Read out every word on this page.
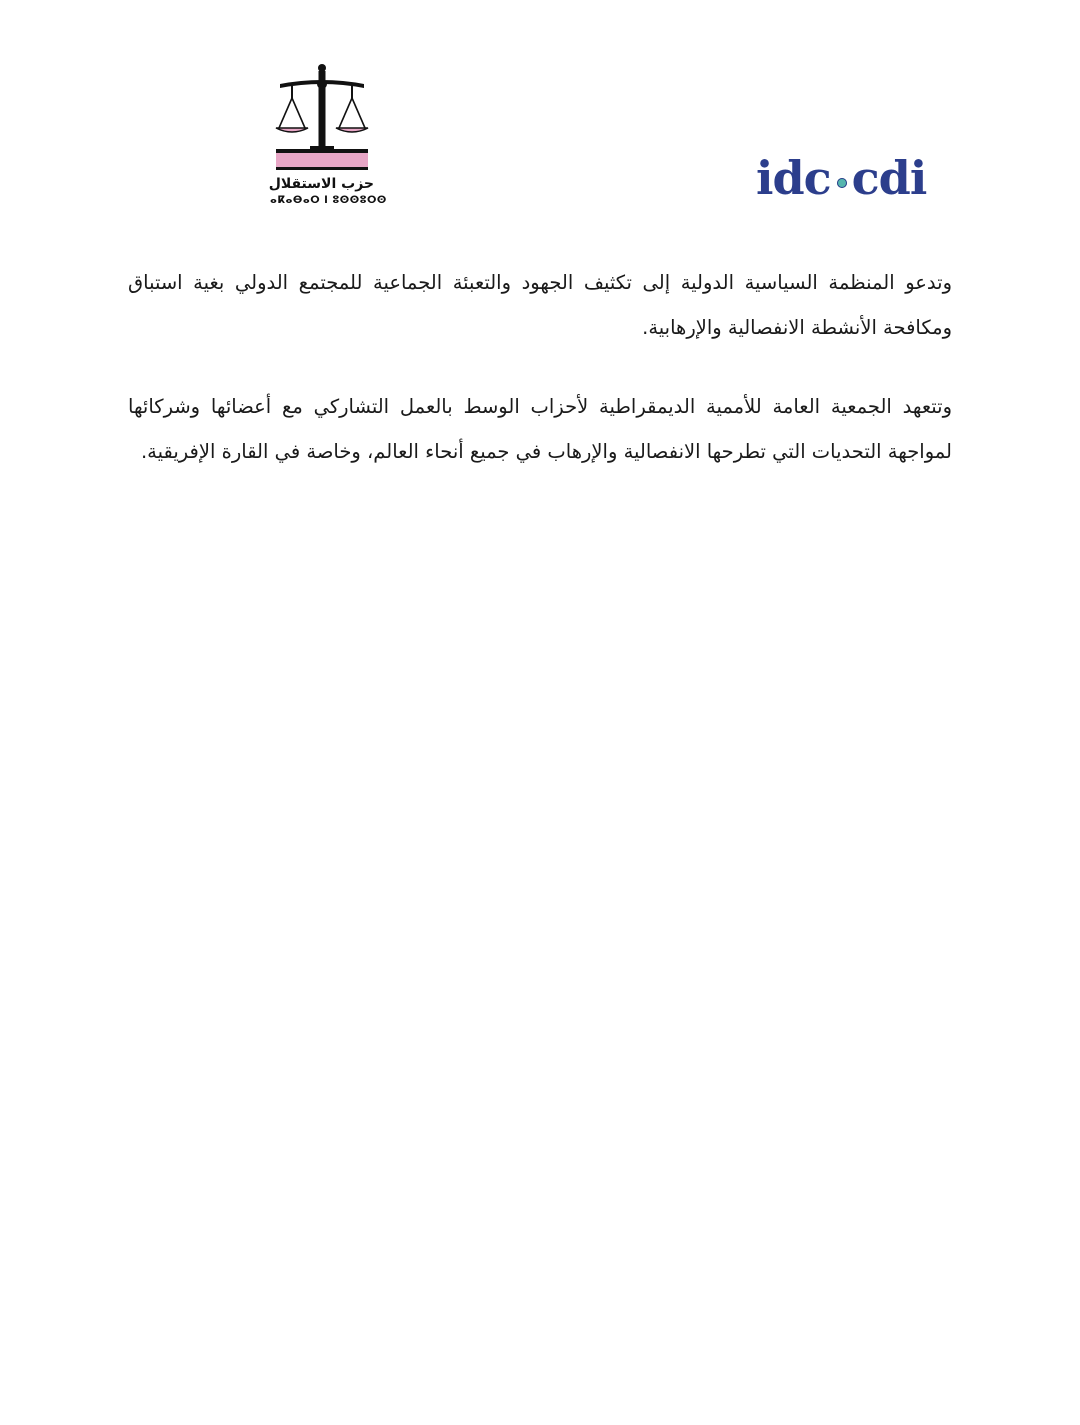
حزب الاستقلال
ⴰⴽⴰⴱⴰⵔ ⵏ ⵓⵙⵙⵓⵔⵙ	idc cdi

وتدعو المنظمة السياسية الدولية إلى تكثيف الجهود والتعبئة الجماعية للمجتمع الدولي بغية استباق ومكافحة الأنشطة الانفصالية والإرهابية.

وتتعهد الجمعية العامة للأممية الديمقراطية لأحزاب الوسط بالعمل التشاركي مع أعضائها وشركائها لمواجهة التحديات التي تطرحها الانفصالية والإرهاب في جميع أنحاء العالم، وخاصة في القارة الإفريقية.
